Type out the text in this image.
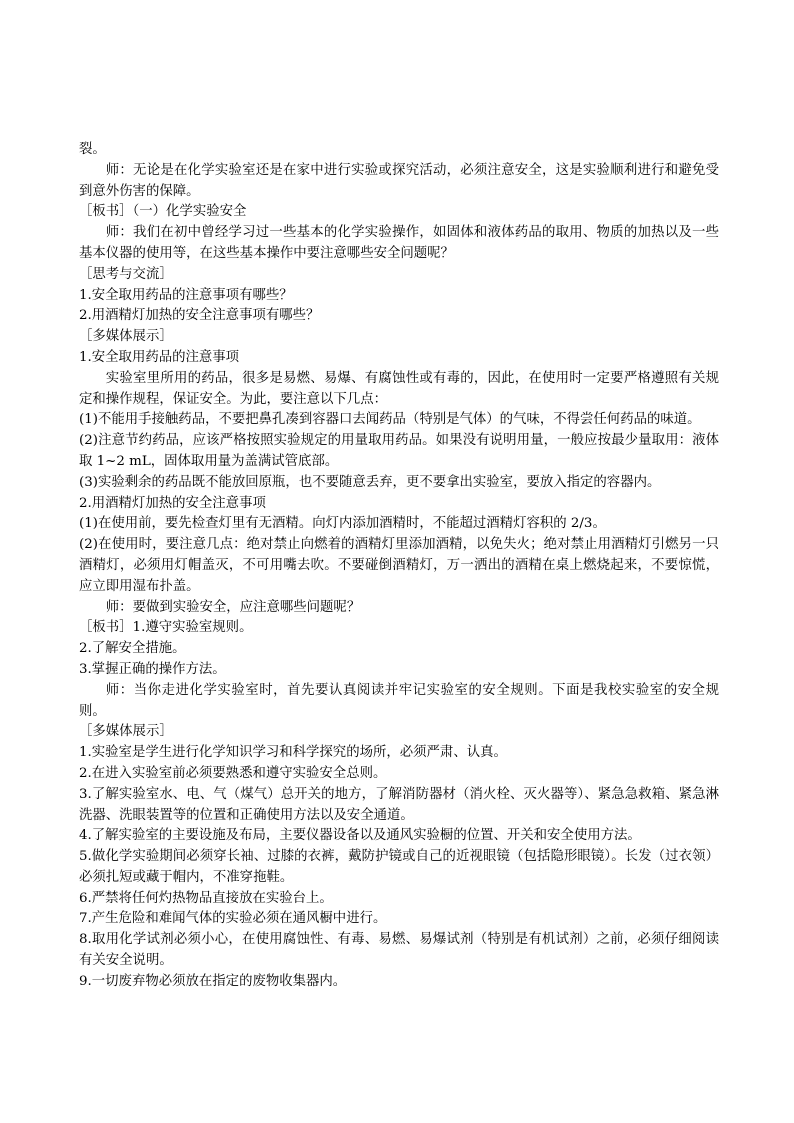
裂。

师：无论是在化学实验室还是在家中进行实验或探究活动，必须注意安全，这是实验顺利进行和避免受到意外伤害的保障。

［板书］（一）化学实验安全

师：我们在初中曾经学习过一些基本的化学实验操作，如固体和液体药品的取用、物质的加热以及一些基本仪器的使用等，在这些基本操作中要注意哪些安全问题呢？

［思考与交流］

1.安全取用药品的注意事项有哪些？

2.用酒精灯加热的安全注意事项有哪些？

［多媒体展示］

1.安全取用药品的注意事项

实验室里所用的药品，很多是易燃、易爆、有腐蚀性或有毒的，因此，在使用时一定要严格遵照有关规定和操作规程，保证安全。为此，要注意以下几点：

(1)不能用手接触药品，不要把鼻孔凑到容器口去闻药品（特别是气体）的气味，不得尝任何药品的味道。

(2)注意节约药品，应该严格按照实验规定的用量取用药品。如果没有说明用量，一般应按最少量取用：液体取 1~2 mL，固体取用量为盖满试管底部。

(3)实验剩余的药品既不能放回原瓶，也不要随意丢弃，更不要拿出实验室，要放入指定的容器内。

2.用酒精灯加热的安全注意事项

(1)在使用前，要先检查灯里有无酒精。向灯内添加酒精时，不能超过酒精灯容积的 2/3。

(2)在使用时，要注意几点：绝对禁止向燃着的酒精灯里添加酒精，以免失火；绝对禁止用酒精灯引燃另一只酒精灯，必须用灯帽盖灭，不可用嘴去吹。不要碰倒酒精灯，万一洒出的酒精在桌上燃烧起来，不要惊慌，应立即用湿布扑盖。

师：要做到实验安全，应注意哪些问题呢？

［板书］1.遵守实验室规则。

2.了解安全措施。

3.掌握正确的操作方法。

师：当你走进化学实验室时，首先要认真阅读并牢记实验室的安全规则。下面是我校实验室的安全规则。

［多媒体展示］

1.实验室是学生进行化学知识学习和科学探究的场所，必须严肃、认真。

2.在进入实验室前必须要熟悉和遵守实验安全总则。

3.了解实验室水、电、气（煤气）总开关的地方，了解消防器材（消火栓、灭火器等）、紧急急救箱、紧急淋洗器、洗眼装置等的位置和正确使用方法以及安全通道。

4.了解实验室的主要设施及布局，主要仪器设备以及通风实验橱的位置、开关和安全使用方法。

5.做化学实验期间必须穿长袖、过膝的衣裤，戴防护镜或自己的近视眼镜（包括隐形眼镜）。长发（过衣领）必须扎短或藏于帽内，不准穿拖鞋。

6.严禁将任何灼热物品直接放在实验台上。

7.产生危险和难闻气体的实验必须在通风橱中进行。

8.取用化学试剂必须小心，在使用腐蚀性、有毒、易燃、易爆试剂（特别是有机试剂）之前，必须仔细阅读有关安全说明。

9.一切废弃物必须放在指定的废物收集器内。
